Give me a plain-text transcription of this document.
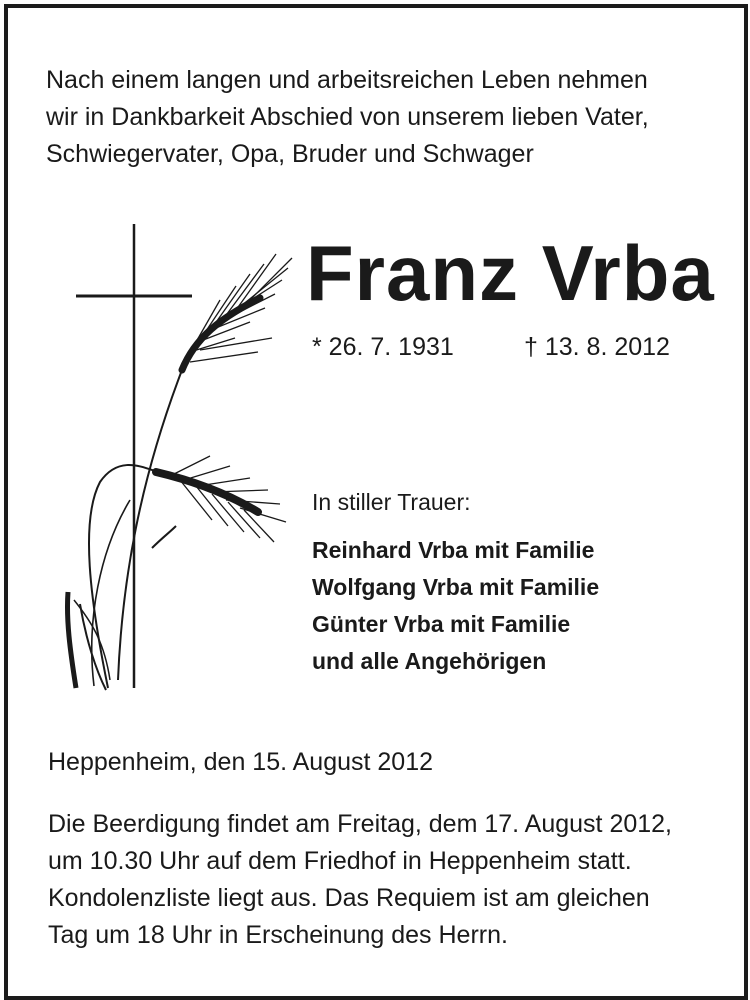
Nach einem langen und arbeitsreichen Leben nehmen
wir in Dankbarkeit Abschied von unserem lieben Vater,
Schwiegervater, Opa, Bruder und Schwager
Franz Vrba
* 26. 7. 1931	† 13. 8. 2012
In stiller Trauer:
Reinhard Vrba mit Familie
Wolfgang Vrba mit Familie
Günter Vrba mit Familie
und alle Angehörigen
Heppenheim, den 15. August 2012
Die Beerdigung findet am Freitag, dem 17. August 2012,
um 10.30 Uhr auf dem Friedhof in Heppenheim statt.
Kondolenzliste liegt aus. Das Requiem ist am gleichen
Tag um 18 Uhr in Erscheinung des Herrn.
